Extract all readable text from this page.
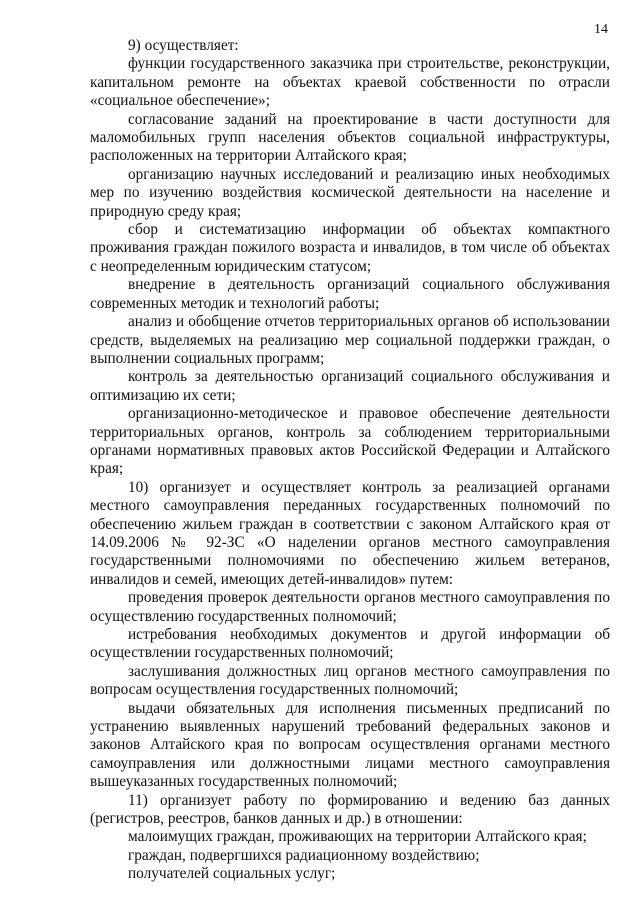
14

9) осуществляет:

функции государственного заказчика при строительстве, реконструкции, капитальном ремонте на объектах краевой собственности по отрасли «социальное обеспечение»;

согласование заданий на проектирование в части доступности для маломобильных групп населения объектов социальной инфраструктуры, расположенных на территории Алтайского края;

организацию научных исследований и реализацию иных необходимых мер по изучению воздействия космической деятельности на население и природную среду края;

сбор и систематизацию информации об объектах компактного проживания граждан пожилого возраста и инвалидов, в том числе об объектах с неопределенным юридическим статусом;

внедрение в деятельность организаций социального обслуживания современных методик и технологий работы;

анализ и обобщение отчетов территориальных органов об использовании средств, выделяемых на реализацию мер социальной поддержки граждан, о выполнении социальных программ;

контроль за деятельностью организаций социального обслуживания и оптимизацию их сети;

организационно-методическое и правовое обеспечение деятельности территориальных органов, контроль за соблюдением территориальными органами нормативных правовых актов Российской Федерации и Алтайского края;

10) организует и осуществляет контроль за реализацией органами местного самоуправления переданных государственных полномочий по обеспечению жильем граждан в соответствии с законом Алтайского края от 14.09.2006 № 92-ЗС «О наделении органов местного самоуправления государственными полномочиями по обеспечению жильем ветеранов, инвалидов и семей, имеющих детей-инвалидов» путем:

проведения проверок деятельности органов местного самоуправления по осуществлению государственных полномочий;

истребования необходимых документов и другой информации об осуществлении государственных полномочий;

заслушивания должностных лиц органов местного самоуправления по вопросам осуществления государственных полномочий;

выдачи обязательных для исполнения письменных предписаний по устранению выявленных нарушений требований федеральных законов и законов Алтайского края по вопросам осуществления органами местного самоуправления или должностными лицами местного самоуправления вышеуказанных государственных полномочий;

11) организует работу по формированию и ведению баз данных (регистров, реестров, банков данных и др.) в отношении:

малоимущих граждан, проживающих на территории Алтайского края;

граждан, подвергшихся радиационному воздействию;

получателей социальных услуг;
